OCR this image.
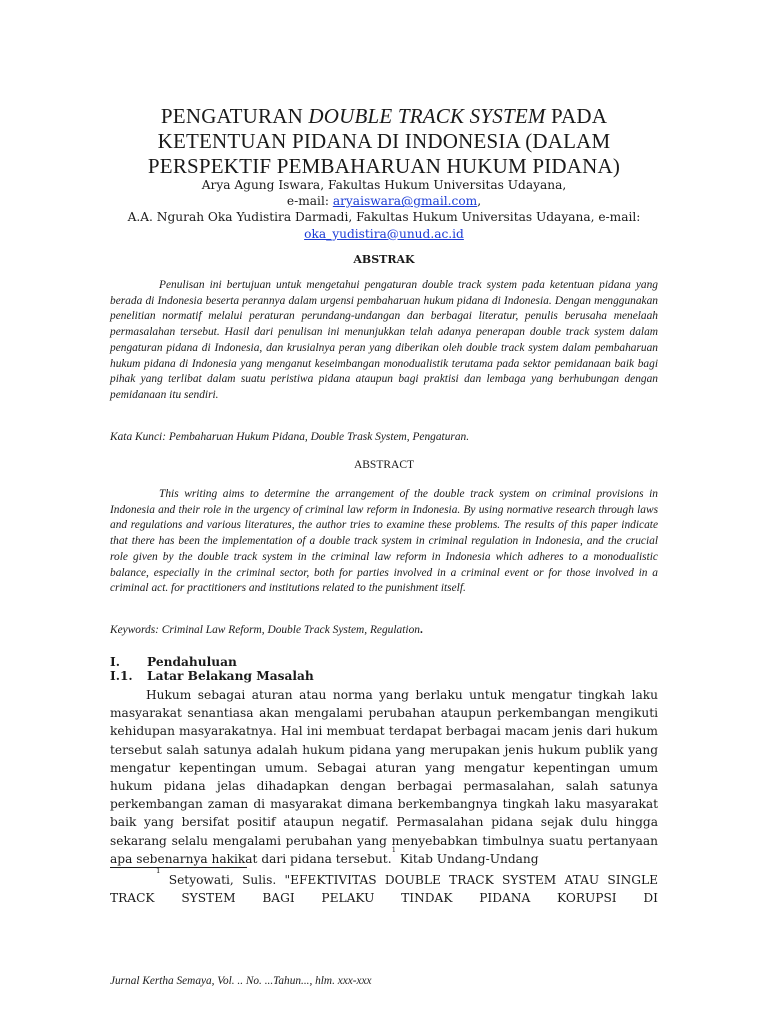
PENGATURAN DOUBLE TRACK SYSTEM PADA
KETENTUAN PIDANA DI INDONESIA (DALAM
PERSPEKTIF PEMBAHARUAN HUKUM PIDANA)
Arya Agung Iswara, Fakultas Hukum Universitas Udayana,
e-mail: aryaiswara@gmail.com,
A.A. Ngurah Oka Yudistira Darmadi, Fakultas Hukum Universitas Udayana, e-mail:
oka_yudistira@unud.ac.id
ABSTRAK

Penulisan ini bertujuan untuk mengetahui pengaturan double track system pada ketentuan pidana yang berada di Indonesia beserta perannya dalam urgensi pembaharuan hukum pidana di Indonesia. Dengan menggunakan penelitian normatif melalui peraturan perundang-undangan dan berbagai literatur, penulis berusaha menelaah permasalahan tersebut. Hasil dari penulisan ini menunjukkan telah adanya penerapan double track system dalam pengaturan pidana di Indonesia, dan krusialnya peran yang diberikan oleh double track system dalam pembaharuan hukum pidana di Indonesia yang menganut keseimbangan monodualistik terutama pada sektor pemidanaan baik bagi pihak yang terlibat dalam suatu peristiwa pidana ataupun bagi praktisi dan lembaga yang berhubungan dengan pemidanaan itu sendiri.

Kata Kunci: Pembaharuan Hukum Pidana, Double Trask System, Pengaturan.
ABSTRACT

This writing aims to determine the arrangement of the double track system on criminal provisions in Indonesia and their role in the urgency of criminal law reform in Indonesia. By using normative research through laws and regulations and various literatures, the author tries to examine these problems. The results of this paper indicate that there has been the implementation of a double track system in criminal regulation in Indonesia, and the crucial role given by the double track system in the criminal law reform in Indonesia which adheres to a monodualistic balance, especially in the criminal sector, both for parties involved in a criminal event or for those involved in a criminal act. for practitioners and institutions related to the punishment itself.

Keywords: Criminal Law Reform, Double Track System, Regulation.
I. Pendahuluan
I.1. Latar Belakang Masalah

Hukum sebagai aturan atau norma yang berlaku untuk mengatur tingkah laku masyarakat senantiasa akan mengalami perubahan ataupun perkembangan mengikuti kehidupan masyarakatnya. Hal ini membuat terdapat berbagai macam jenis dari hukum tersebut salah satunya adalah hukum pidana yang merupakan jenis hukum publik yang mengatur kepentingan umum. Sebagai aturan yang mengatur kepentingan umum hukum pidana jelas dihadapkan dengan berbagai permasalahan, salah satunya perkembangan zaman di masyarakat dimana berkembangnya tingkah laku masyarakat baik yang bersifat positif ataupun negatif. Permasalahan pidana sejak dulu hingga sekarang selalu mengalami perubahan yang menyebabkan timbulnya suatu pertanyaan apa sebenarnya hakikat dari pidana tersebut.$^1$ Kitab Undang-Undang

$^1$ Setyowati, Sulis. "EFEKTIVITAS DOUBLE TRACK SYSTEM ATAU SINGLE TRACK SYSTEM BAGI PELAKU TINDAK PIDANA KORUPSI DI

Jurnal Kertha Semaya, Vol. .. No. ...Tahun..., hlm. xxx-xxx
